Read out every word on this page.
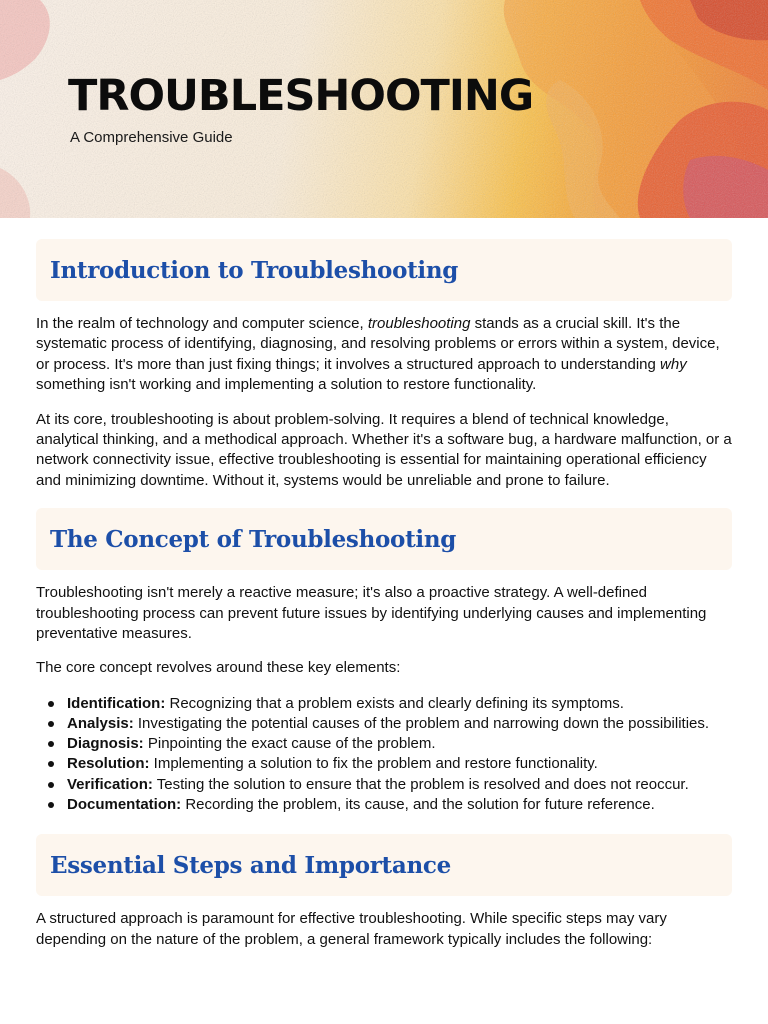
TROUBLESHOOTING

A Comprehensive Guide

Introduction to Troubleshooting

In the realm of technology and computer science, troubleshooting stands as a crucial skill. It's the systematic process of identifying, diagnosing, and resolving problems or errors within a system, device, or process. It's more than just fixing things; it involves a structured approach to understanding why something isn't working and implementing a solution to restore functionality.

At its core, troubleshooting is about problem-solving. It requires a blend of technical knowledge, analytical thinking, and a methodical approach. Whether it's a software bug, a hardware malfunction, or a network connectivity issue, effective troubleshooting is essential for maintaining operational efficiency and minimizing downtime. Without it, systems would be unreliable and prone to failure.

The Concept of Troubleshooting

Troubleshooting isn't merely a reactive measure; it's also a proactive strategy. A well-defined troubleshooting process can prevent future issues by identifying underlying causes and implementing preventative measures.

The core concept revolves around these key elements:

Identification: Recognizing that a problem exists and clearly defining its symptoms.
Analysis: Investigating the potential causes of the problem and narrowing down the possibilities.
Diagnosis: Pinpointing the exact cause of the problem.
Resolution: Implementing a solution to fix the problem and restore functionality.
Verification: Testing the solution to ensure that the problem is resolved and does not reoccur.
Documentation: Recording the problem, its cause, and the solution for future reference.
Essential Steps and Importance

A structured approach is paramount for effective troubleshooting. While specific steps may vary depending on the nature of the problem, a general framework typically includes the following:
